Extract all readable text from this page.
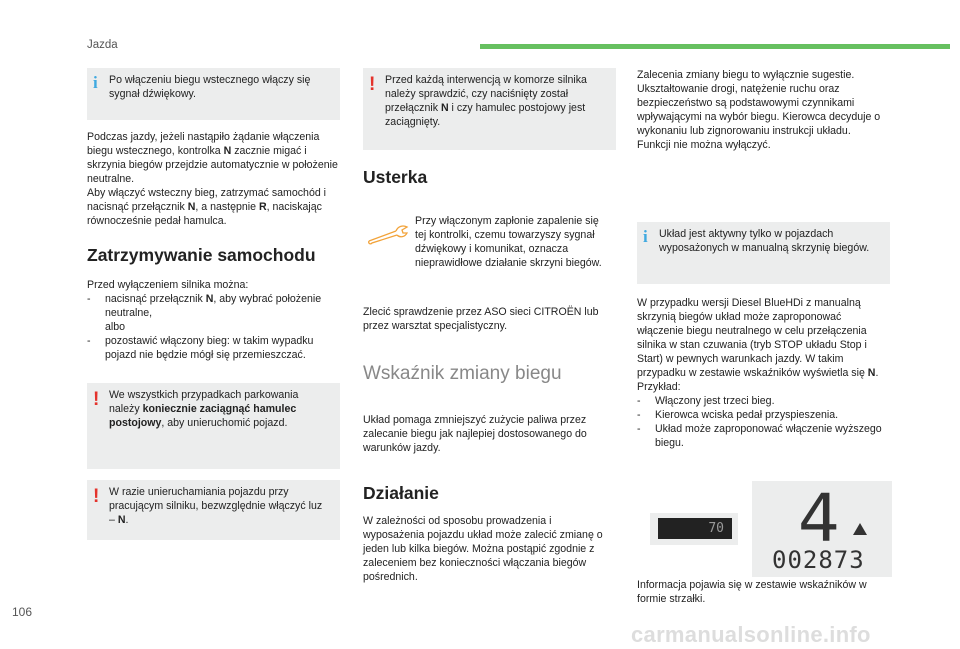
Jazda
i Po włączeniu biegu wstecznego włączy się sygnał dźwiękowy.

Podczas jazdy, jeżeli nastąpiło żądanie włączenia biegu wstecznego, kontrolka N zacznie migać i skrzynia biegów przejdzie automatycznie w położenie neutralne.

Aby włączyć wsteczny bieg, zatrzymać samochód i nacisnąć przełącznik N, a następnie R, naciskając równocześnie pedał hamulca.

Zatrzymywanie samochodu

Przed wyłączeniem silnika można:

- nacisnąć przełącznik N, aby wybrać położenie neutralne,

albo

- pozostawić włączony bieg: w takim wypadku pojazd nie będzie mógł się przemieszczać.

! We wszystkich przypadkach parkowania należy koniecznie zaciągnąć hamulec postojowy, aby unieruchomić pojazd.
! W razie unieruchamiania pojazdu przy pracującym silniku, bezwzględnie włączyć luz – N.
! Przed każdą interwencją w komorze silnika należy sprawdzić, czy naciśnięty został przełącznik N i czy hamulec postojowy jest zaciągnięty.
Usterka
Przy włączonym zapłonie zapalenie się tej kontrolki, czemu towarzyszy sygnał dźwiękowy i komunikat, oznacza nieprawidłowe działanie skrzyni biegów.
Zlecić sprawdzenie przez ASO sieci CITROËN lub przez warsztat specjalistyczny.
Wskaźnik zmiany biegu
Układ pomaga zmniejszyć zużycie paliwa przez zalecanie biegu jak najlepiej dostosowanego do warunków jazdy.
Działanie
W zależności od sposobu prowadzenia i wyposażenia pojazdu układ może zalecić zmianę o jeden lub kilka biegów. Można postąpić zgodnie z zaleceniem bez konieczności włączania biegów pośrednich.

Zalecenia zmiany biegu to wyłącznie sugestie. Ukształtowanie drogi, natężenie ruchu oraz bezpieczeństwo są podstawowymi czynnikami wpływającymi na wybór biegu. Kierowca decyduje o wykonaniu lub zignorowaniu instrukcji układu.

Funkcji nie można wyłączyć.

i Układ jest aktywny tylko w pojazdach wyposażonych w manualną skrzynię biegów.

W przypadku wersji Diesel BlueHDi z manualną skrzynią biegów układ może zaproponować włączenie biegu neutralnego w celu przełączenia silnika w stan czuwania (tryb STOP układu Stop i Start) w pewnych warunkach jazdy. W takim przypadku w zestawie wskaźników wyświetla się N.

Przykład:

- Włączony jest trzeci bieg.

- Kierowca wciska pedał przyspieszenia.

- Układ może zaproponować włączenie wyższego biegu.

70 4
002873
Informacja pojawia się w zestawie wskaźników w formie strzałki.
106
carmanualsonline.info
